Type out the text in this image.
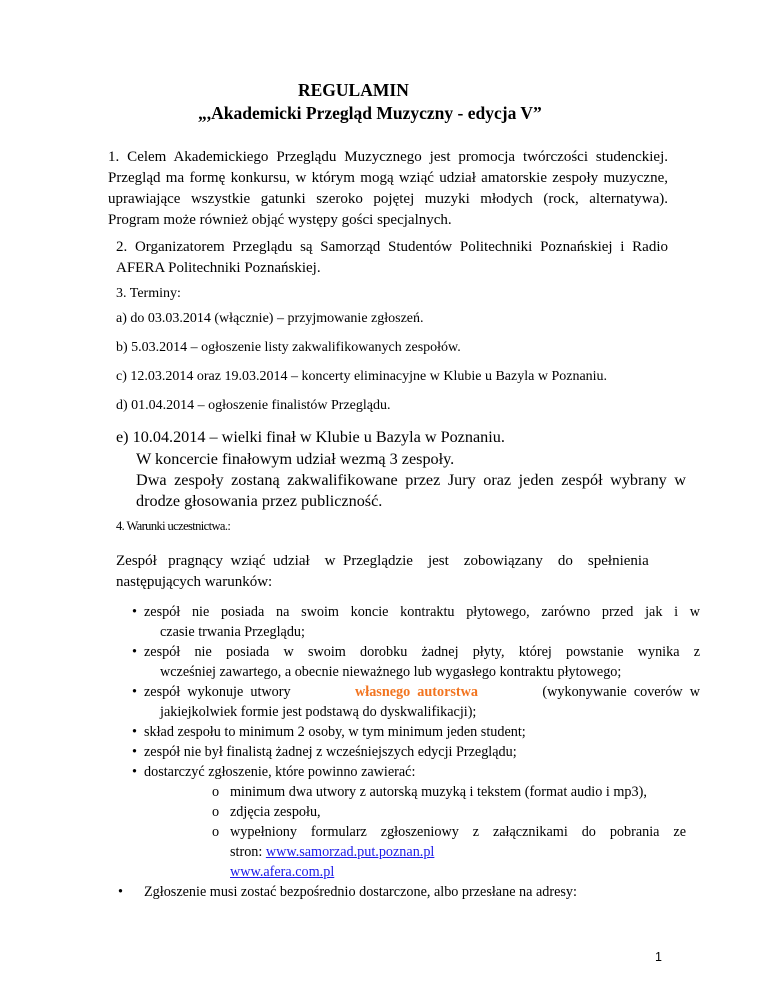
REGULAMIN
„,Akademicki Przegląd Muzyczny - edycja V”
1. Celem Akademickiego Przeglądu Muzycznego jest promocja twórczości studenckiej.
Przegląd ma formę konkursu, w którym mogą wziąć udział amatorskie zespoły muzyczne,
uprawiające wszystkie gatunki szeroko pojętej muzyki młodych (rock, alternatywa).
Program może również objąć występy gości specjalnych.
2. Organizatorem Przeglądu są Samorząd Studentów Politechniki Poznańskiej i Radio
AFERA Politechniki Poznańskiej.
3. Terminy:
a) do 03.03.2014 (włącznie) – przyjmowanie zgłoszeń.
b) 5.03.2014 – ogłoszenie listy zakwalifikowanych zespołów.
c) 12.03.2014 oraz 19.03.2014 – koncerty eliminacyjne w Klubie u Bazyla w Poznaniu.
d) 01.04.2014 – ogłoszenie finalistów Przeglądu.
e) 10.04.2014 – wielki finał w Klubie u Bazyla w Poznaniu.
W koncercie finałowym udział wezmą 3 zespoły.
Dwa zespoły zostaną zakwalifikowane przez Jury oraz jeden zespół wybrany w
drodze głosowania przez publiczność.
4. Warunki uczestnictwa.:
Zespół   pragnący  wziąć  udział    w  Przeglądzie    jest    zobowiązany    do    spełnienia
następujących warunków:
• zespół nie posiada na swoim koncie kontraktu płytowego, zarówno przed jak i w
czasie trwania Przeglądu;
• zespół nie posiada w swoim dorobku żadnej płyty, której powstanie wynika z
wcześniej zawartego, a obecnie nieważnego lub wygasłego kontraktu płytowego;
• zespół  wykonuje  utwory	własnego  autorstwa	(wykonywanie  coverów  w
jakiejkolwiek formie jest podstawą do dyskwalifikacji);
• skład zespołu to minimum 2 osoby, w tym minimum jeden student;
• zespół nie był finalistą żadnej z wcześniejszych edycji Przeglądu;
• dostarczyć zgłoszenie, które powinno zawierać:
o minimum dwa utwory z autorską muzyką i tekstem (format audio i mp3),
o zdjęcia zespołu,
o wypełniony formularz zgłoszeniowy z załącznikami do pobrania ze
stron: www.samorzad.put.poznan.pl
www.afera.com.pl
• Zgłoszenie musi zostać bezpośrednio dostarczone, albo przesłane na adresy:
1
